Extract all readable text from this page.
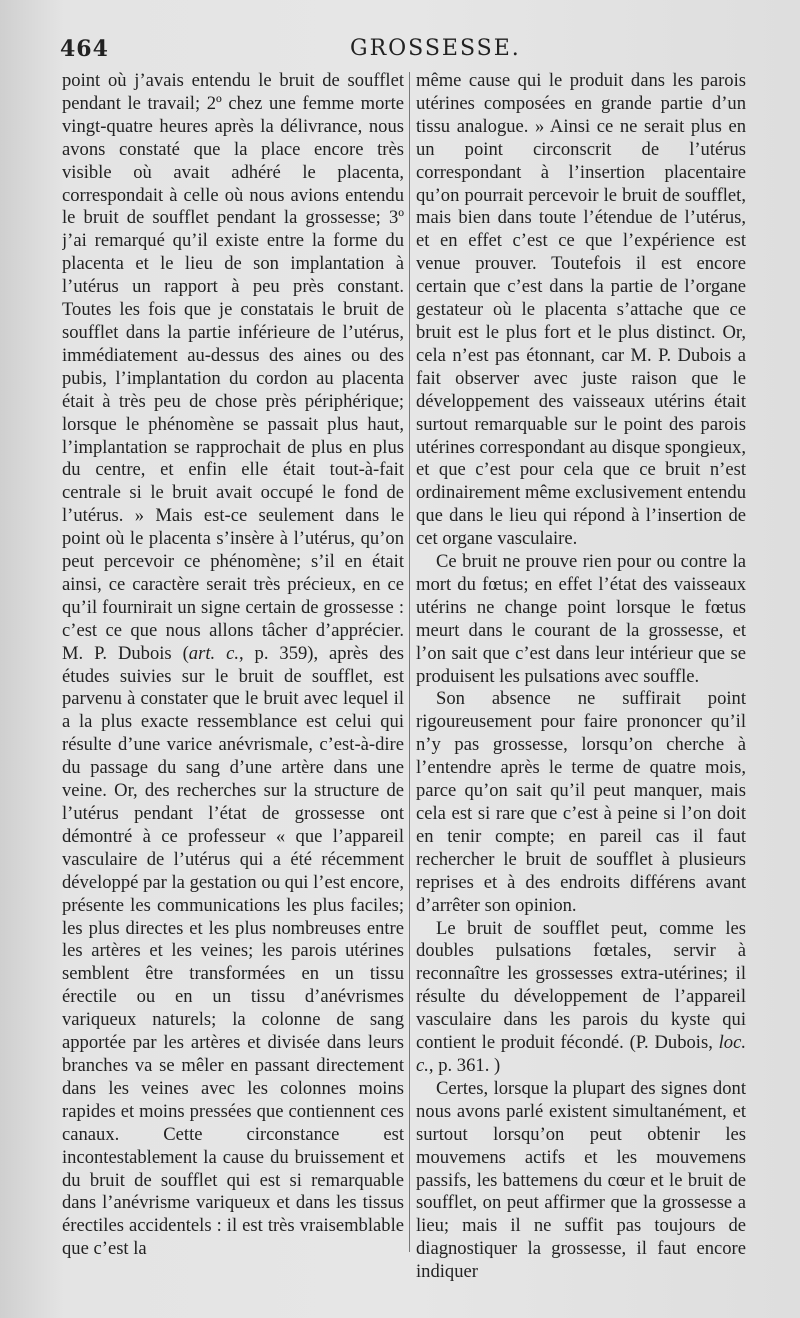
464	GROSSESSE.

point où j’avais entendu le bruit de soufflet pendant le travail; 2º chez une femme morte vingt-quatre heures après la délivrance, nous avons constaté que la place encore très visible où avait adhéré le placenta, correspondait à celle où nous avions entendu le bruit de soufflet pendant la grossesse; 3º j’ai remarqué qu’il existe entre la forme du placenta et le lieu de son implantation à l’utérus un rapport à peu près constant. Toutes les fois que je constatais le bruit de soufflet dans la partie inférieure de l’utérus, immédiatement au-dessus des aines ou des pubis, l’implantation du cordon au placenta était à très peu de chose près périphérique; lorsque le phénomène se passait plus haut, l’implantation se rapprochait de plus en plus du centre, et enfin elle était tout-à-fait centrale si le bruit avait occupé le fond de l’utérus. » Mais est-ce seulement dans le point où le placenta s’insère à l’utérus, qu’on peut percevoir ce phénomène; s’il en était ainsi, ce caractère serait très précieux, en ce qu’il fournirait un signe certain de grossesse : c’est ce que nous allons tâcher d’apprécier. M. P. Dubois (art. c., p. 359), après des études suivies sur le bruit de soufflet, est parvenu à constater que le bruit avec lequel il a la plus exacte ressemblance est celui qui résulte d’une varice anévrismale, c’est-à-dire du passage du sang d’une artère dans une veine. Or, des recherches sur la structure de l’utérus pendant l’état de grossesse ont démontré à ce professeur « que l’appareil vasculaire de l’utérus qui a été récemment développé par la gestation ou qui l’est encore, présente les communications les plus faciles; les plus directes et les plus nombreuses entre les artères et les veines; les parois utérines semblent être transformées en un tissu érectile ou en un tissu d’anévrismes variqueux naturels; la colonne de sang apportée par les artères et divisée dans leurs branches va se mêler en passant directement dans les veines avec les colonnes moins rapides et moins pressées que contiennent ces canaux. Cette circonstance est incontestablement la cause du bruissement et du bruit de soufflet qui est si remarquable dans l’anévrisme variqueux et dans les tissus érectiles accidentels : il est très vraisemblable que c’est la

même cause qui le produit dans les parois utérines composées en grande partie d’un tissu analogue. » Ainsi ce ne serait plus en un point circonscrit de l’utérus correspondant à l’insertion placentaire qu’on pourrait percevoir le bruit de soufflet, mais bien dans toute l’étendue de l’utérus, et en effet c’est ce que l’expérience est venue prouver. Toutefois il est encore certain que c’est dans la partie de l’organe gestateur où le placenta s’attache que ce bruit est le plus fort et le plus distinct. Or, cela n’est pas étonnant, car M. P. Dubois a fait observer avec juste raison que le développement des vaisseaux utérins était surtout remarquable sur le point des parois utérines correspondant au disque spongieux, et que c’est pour cela que ce bruit n’est ordinairement même exclusivement entendu que dans le lieu qui répond à l’insertion de cet organe vasculaire.

Ce bruit ne prouve rien pour ou contre la mort du fœtus; en effet l’état des vaisseaux utérins ne change point lorsque le fœtus meurt dans le courant de la grossesse, et l’on sait que c’est dans leur intérieur que se produisent les pulsations avec souffle.

Son absence ne suffirait point rigoureusement pour faire prononcer qu’il n’y pas grossesse, lorsqu’on cherche à l’entendre après le terme de quatre mois, parce qu’on sait qu’il peut manquer, mais cela est si rare que c’est à peine si l’on doit en tenir compte; en pareil cas il faut rechercher le bruit de soufflet à plusieurs reprises et à des endroits différens avant d’arrêter son opinion.

Le bruit de soufflet peut, comme les doubles pulsations fœtales, servir à reconnaître les grossesses extra-utérines; il résulte du développement de l’appareil vasculaire dans les parois du kyste qui contient le produit fécondé. (P. Dubois, loc. c., p. 361. )

Certes, lorsque la plupart des signes dont nous avons parlé existent simultanément, et surtout lorsqu’on peut obtenir les mouvemens actifs et les mouvemens passifs, les battemens du cœur et le bruit de soufflet, on peut affirmer que la grossesse a lieu; mais il ne suffit pas toujours de diagnostiquer la grossesse, il faut encore indiquer
